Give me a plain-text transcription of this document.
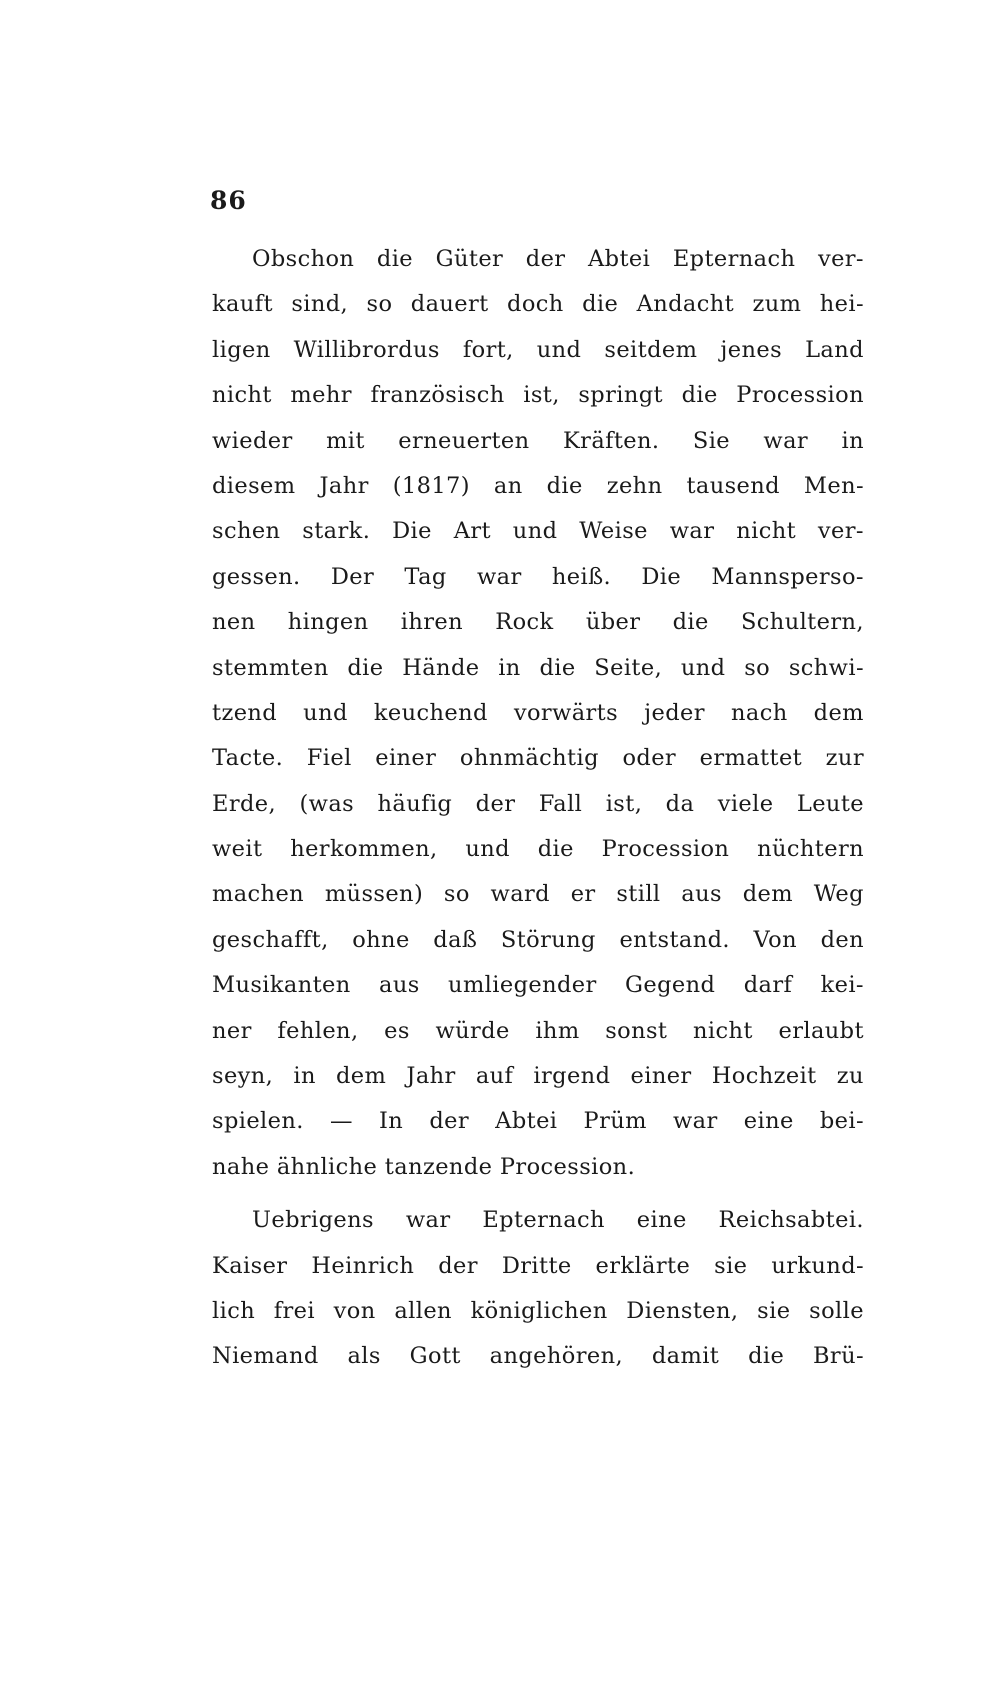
86
Obschon die Güter der Abtei Epternach ver-
kauft sind, so dauert doch die Andacht zum hei-
ligen Willibrordus fort, und seitdem jenes Land
nicht mehr französisch ist, springt die Procession
wieder mit erneuerten Kräften. Sie war in
diesem Jahr (1817) an die zehn tausend Men-
schen stark. Die Art und Weise war nicht ver-
gessen. Der Tag war heiß. Die Mannsperso-
nen hingen ihren Rock über die Schultern,
stemmten die Hände in die Seite, und so schwi-
tzend und keuchend vorwärts jeder nach dem
Tacte. Fiel einer ohnmächtig oder ermattet zur
Erde, (was häufig der Fall ist, da viele Leute
weit herkommen, und die Procession nüchtern
machen müssen) so ward er still aus dem Weg
geschafft, ohne daß Störung entstand. Von den
Musikanten aus umliegender Gegend darf kei-
ner fehlen, es würde ihm sonst nicht erlaubt
seyn, in dem Jahr auf irgend einer Hochzeit zu
spielen. — In der Abtei Prüm war eine bei-
nahe ähnliche tanzende Procession.
Uebrigens war Epternach eine Reichsabtei.
Kaiser Heinrich der Dritte erklärte sie urkund-
lich frei von allen königlichen Diensten, sie solle
Niemand als Gott angehören, damit die Brü-
